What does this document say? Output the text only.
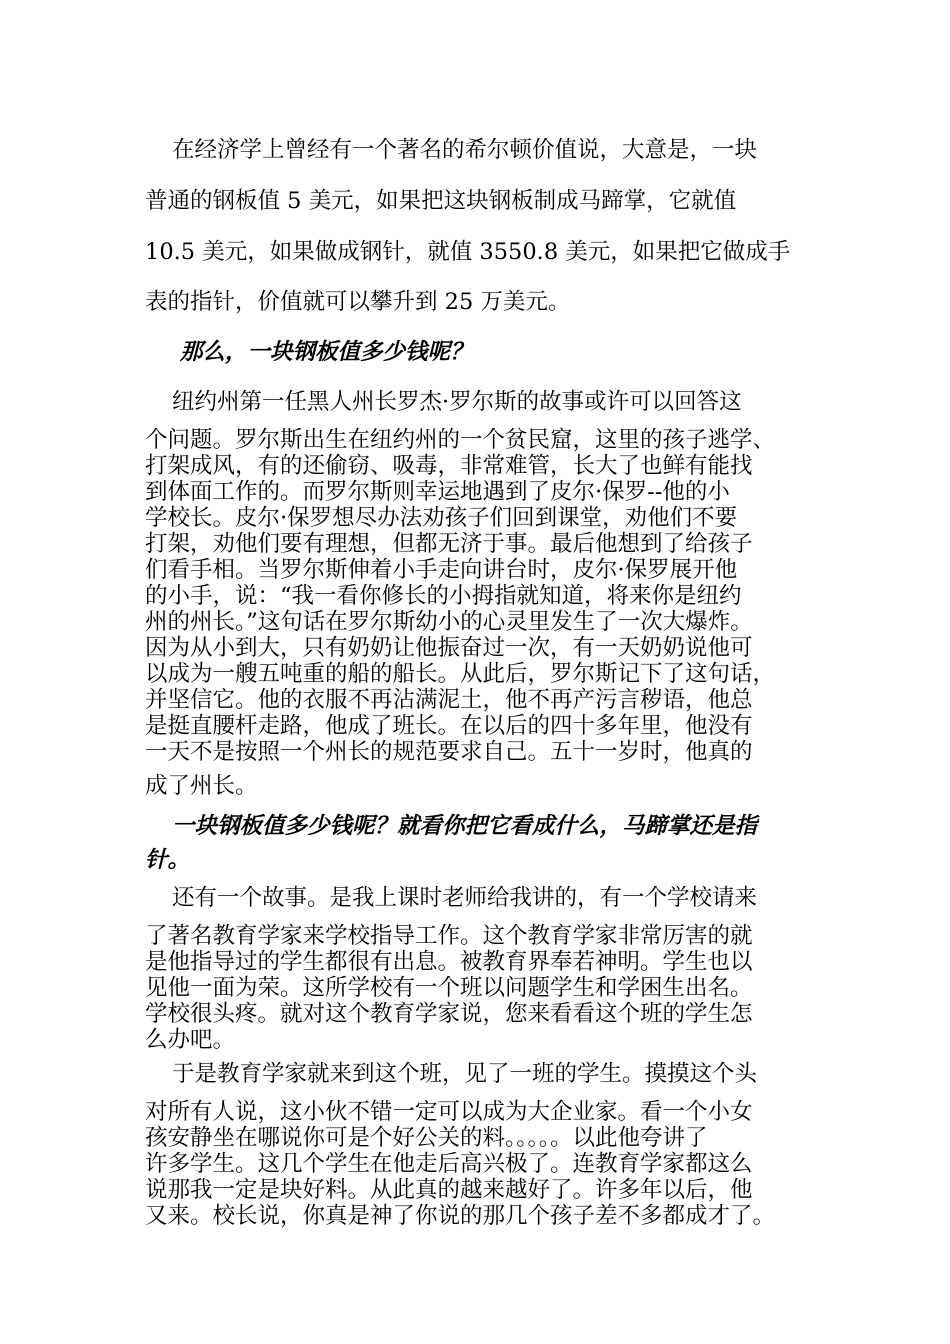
在经济学上曾经有一个著名的希尔顿价值说，大意是，一块
普通的钢板值 5 美元，如果把这块钢板制成马蹄掌，它就值
10.5 美元，如果做成钢针，就值 3550.8 美元，如果把它做成手
表的指针，价值就可以攀升到 25 万美元。
那么，一块钢板值多少钱呢？
纽约州第一任黑人州长罗杰·罗尔斯的故事或许可以回答这
个问题。罗尔斯出生在纽约州的一个贫民窟，这里的孩子逃学、
打架成风，有的还偷窃、吸毒，非常难管，长大了也鲜有能找
到体面工作的。而罗尔斯则幸运地遇到了皮尔·保罗--他的小
学校长。皮尔·保罗想尽办法劝孩子们回到课堂，劝他们不要
打架，劝他们要有理想，但都无济于事。最后他想到了给孩子
们看手相。当罗尔斯伸着小手走向讲台时，皮尔·保罗展开他
的小手，说：“我一看你修长的小拇指就知道，将来你是纽约
州的州长。”这句话在罗尔斯幼小的心灵里发生了一次大爆炸。
因为从小到大，只有奶奶让他振奋过一次，有一天奶奶说他可
以成为一艘五吨重的船的船长。从此后，罗尔斯记下了这句话，
并坚信它。他的衣服不再沾满泥土，他不再产污言秽语，他总
是挺直腰杆走路，他成了班长。在以后的四十多年里，他没有
一天不是按照一个州长的规范要求自己。五十一岁时，他真的
成了州长。
一块钢板值多少钱呢？就看你把它看成什么，马蹄掌还是指
针。
还有一个故事。是我上课时老师给我讲的，有一个学校请来
了著名教育学家来学校指导工作。这个教育学家非常厉害的就
是他指导过的学生都很有出息。被教育界奉若神明。学生也以
见他一面为荣。这所学校有一个班以问题学生和学困生出名。
学校很头疼。就对这个教育学家说，您来看看这个班的学生怎
么办吧。
于是教育学家就来到这个班，见了一班的学生。摸摸这个头
对所有人说，这小伙不错一定可以成为大企业家。看一个小女
孩安静坐在哪说你可是个好公关的料。。。。。以此他夸讲了
许多学生。这几个学生在他走后高兴极了。连教育学家都这么
说那我一定是块好料。从此真的越来越好了。许多年以后，他
又来。校长说，你真是神了你说的那几个孩子差不多都成才了。
